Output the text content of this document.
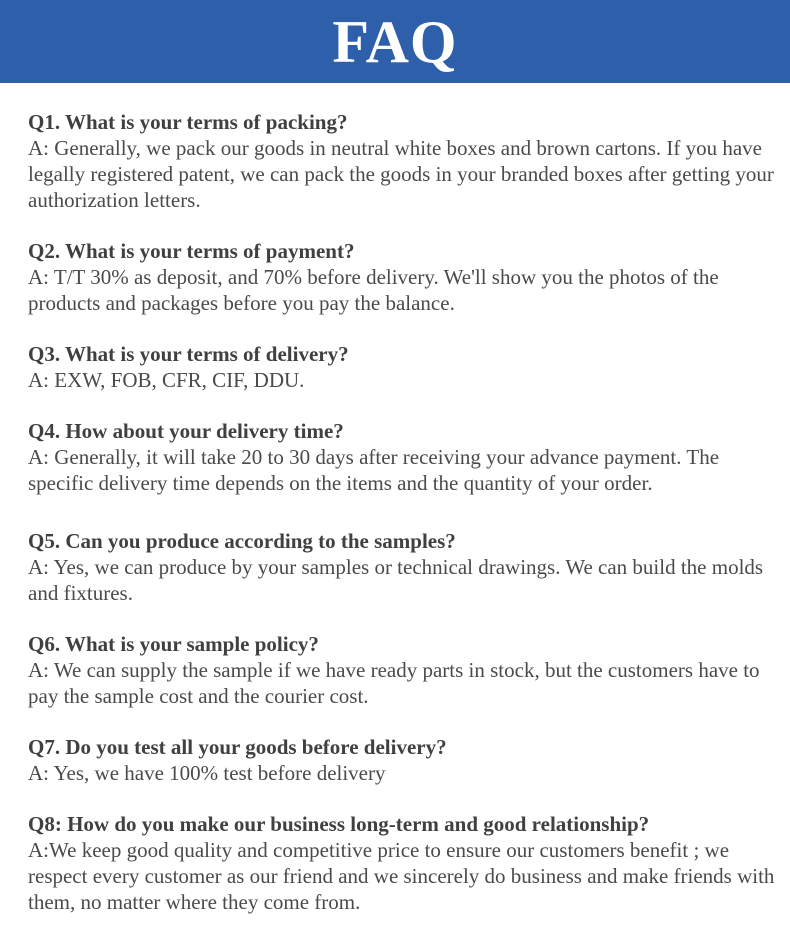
FAQ
Q1. What is your terms of packing?
A: Generally, we pack our goods in neutral white boxes and brown cartons. If you have legally registered patent, we can pack the goods in your branded boxes after getting your authorization letters.
Q2. What is your terms of payment?
A: T/T 30% as deposit, and 70% before delivery. We'll show you the photos of the products and packages before you pay the balance.
Q3. What is your terms of delivery?
A: EXW, FOB, CFR, CIF, DDU.
Q4. How about your delivery time?
A: Generally, it will take 20 to 30 days after receiving your advance payment. The specific delivery time depends on the items and the quantity of your order.
Q5. Can you produce according to the samples?
A: Yes, we can produce by your samples or technical drawings. We can build the molds and fixtures.
Q6. What is your sample policy?
A: We can supply the sample if we have ready parts in stock, but the customers have to pay the sample cost and the courier cost.
Q7. Do you test all your goods before delivery?
A: Yes, we have 100% test before delivery
Q8: How do you make our business long-term and good relationship?
A:We keep good quality and competitive price to ensure our customers benefit ; we respect every customer as our friend and we sincerely do business and make friends with them, no matter where they come from.
